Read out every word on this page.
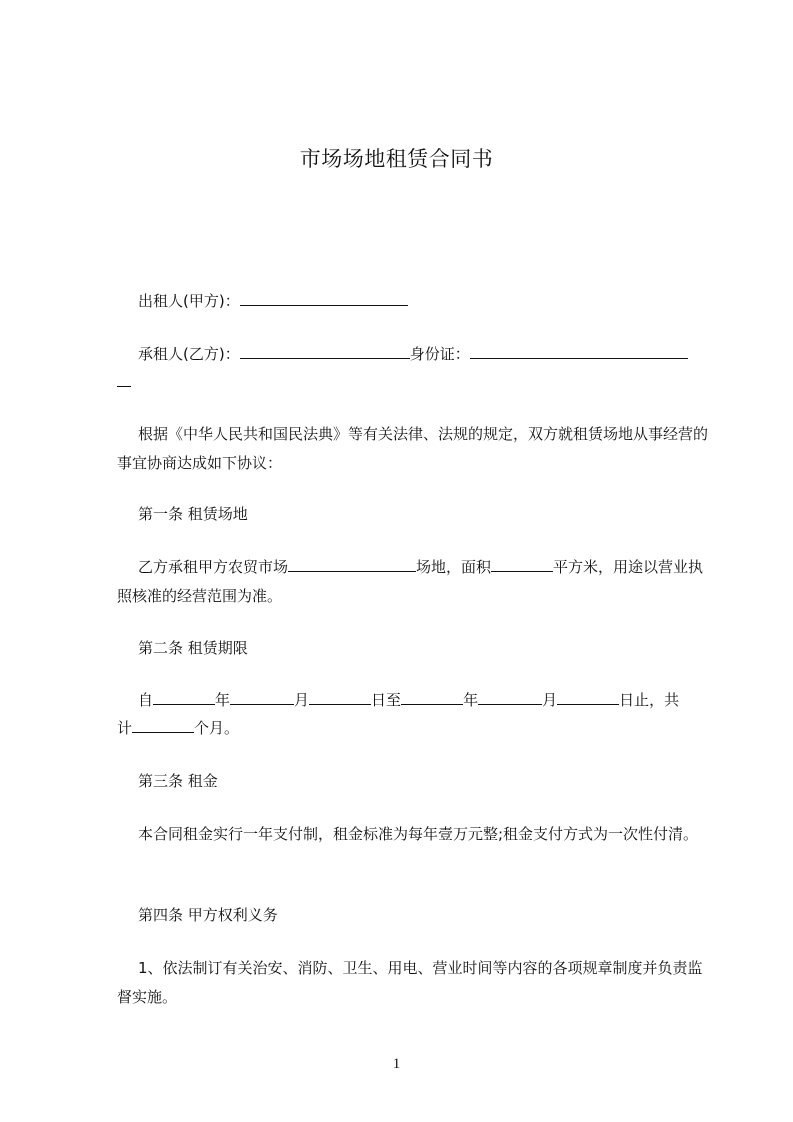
市场场地租赁合同书
出租人(甲方)：
承租人(乙方)：	身份证：
根据《中华人民共和国民法典》等有关法律、法规的规定，双方就租赁场地从事经营的事宜协商达成如下协议：
第一条 租赁场地
乙方承租甲方农贸市场	场地，面积	平方米，用途以营业执照核准的经营范围为准。
第二条 租赁期限
自	年	月	日至	年	月	日止，共
计	个月。
第三条 租金
本合同租金实行一年支付制，租金标准为每年壹万元整;租金支付方式为一次性付清。
第四条 甲方权利义务
1、依法制订有关治安、消防、卫生、用电、营业时间等内容的各项规章制度并负责监督实施。
1
